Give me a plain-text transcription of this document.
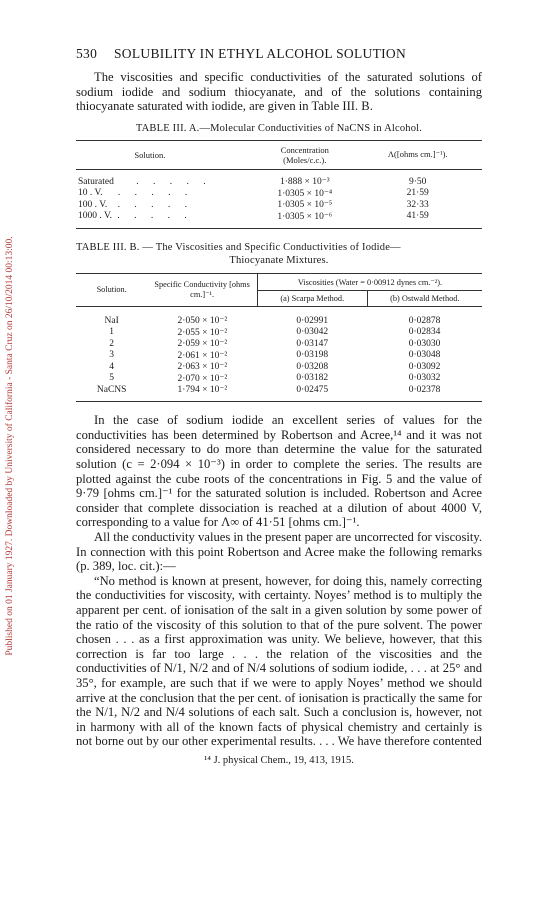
Published on 01 January 1927. Downloaded by University of California - Santa Cruz on 26/10/2014 00:13:00.
530	SOLUBILITY IN ETHYL ALCOHOL SOLUTION

The viscosities and specific conductivities of the saturated solutions of sodium iodide and sodium thiocyanate, and of the solutions containing thiocyanate saturated with iodide, are given in Table III. B.

TABLE III. A.—Molecular Conductivities of NaCNS in Alcohol.
Solution.		Concentration (Moles/c.c.).	Λ([ohms cm.]⁻¹).
Saturated . . . . .		1·888 × 10⁻³	9·50
10 . V. . . . . .		1·0305 × 10⁻⁴	21·59
100 . V. . . . . .		1·0305 × 10⁻⁵	32·33
1000 . V. . . . . .		1·0305 × 10⁻⁶	41·59
TABLE III. B. — The Viscosities and Specific Conductivities of Iodide—
Thiocyanate Mixtures.
Solution.	Specific Conductivity [ohms cm.]⁻¹.	Viscosities (Water = 0·00912 dynes cm.⁻²).	
		(a) Scarpa Method.	(b) Ostwald Method.
NaI	2·050 × 10⁻²	0·02991	0·02878
1	2·055 × 10⁻²	0·03042	0·02834
2	2·059 × 10⁻²	0·03147	0·03030
3	2·061 × 10⁻²	0·03198	0·03048
4	2·063 × 10⁻²	0·03208	0·03092
5	2·070 × 10⁻²	0·03182	0·03032
NaCNS	1·794 × 10⁻²	0·02475	0·02378

In the case of sodium iodide an excellent series of values for the conductivities has been determined by Robertson and Acree,¹⁴ and it was not considered necessary to do more than determine the value for the saturated solution (c = 2·094 × 10⁻³) in order to complete the series. The results are plotted against the cube roots of the concentrations in Fig. 5 and the value of 9·79 [ohms cm.]⁻¹ for the saturated solution is included. Robertson and Acree consider that complete dissociation is reached at a dilution of about 4000 V, corresponding to a value for Λ∞ of 41·51 [ohms cm.]⁻¹.

All the conductivity values in the present paper are uncorrected for viscosity. In connection with this point Robertson and Acree make the following remarks (p. 389, loc. cit.):—

“No method is known at present, however, for doing this, namely correcting the conductivities for viscosity, with certainty. Noyes’ method is to multiply the apparent per cent. of ionisation of the salt in a given solution by some power of the ratio of the viscosity of this solution to that of the pure solvent. The power chosen . . . as a first approximation was unity. We believe, however, that this correction is far too large . . . the relation of the viscosities and the conductivities of N/1, N/2 and of N/4 solutions of sodium iodide, . . . at 25° and 35°, for example, are such that if we were to apply Noyes’ method we should arrive at the conclusion that the per cent. of ionisation is practically the same for the N/1, N/2 and N/4 solutions of each salt. Such a conclusion is, however, not in harmony with all of the known facts of physical chemistry and certainly is not borne out by our other experimental results. . . . We have therefore contented

¹⁴ J. physical Chem., 19, 413, 1915.
